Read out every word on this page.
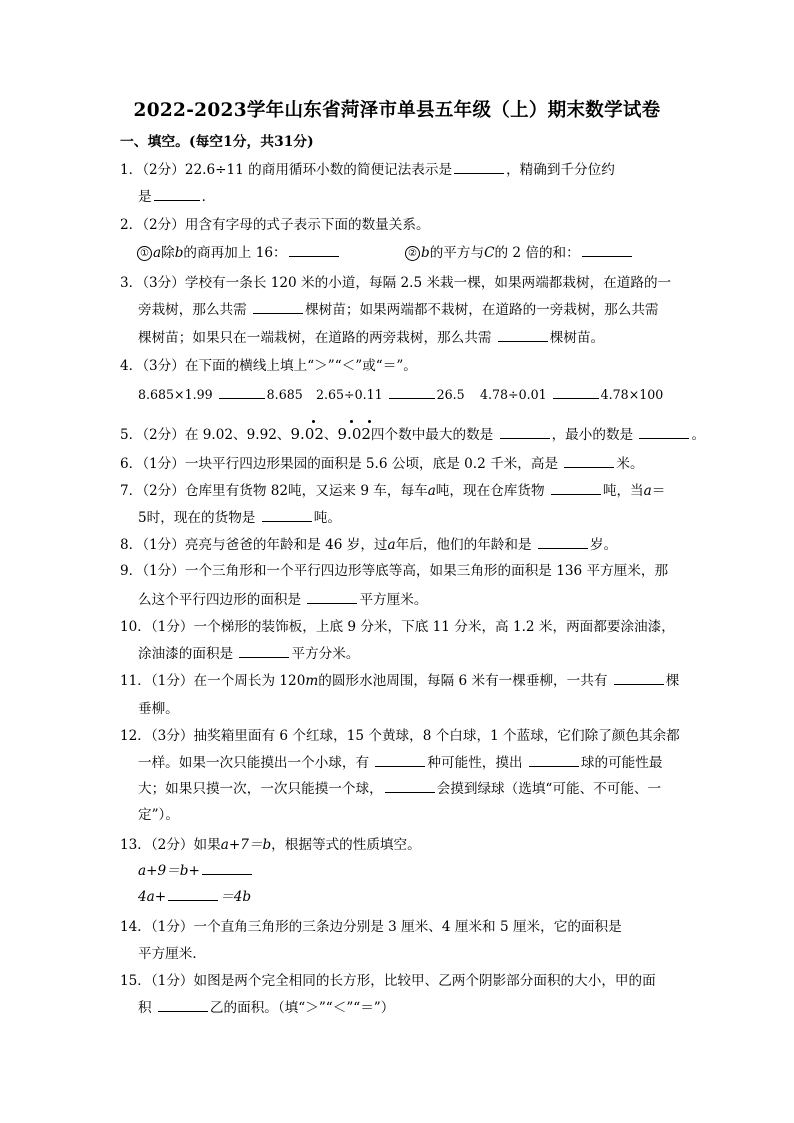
2022-2023学年山东省菏泽市单县五年级（上）期末数学试卷
一、填空。(每空1分，共31分)
1．（2分）22.6÷11 的商用循环小数的简便记法表示是	，精确到千分位约
是	．
2．（2分）用含有字母的式子表示下面的数量关系。
① a除b的商再加上 16：	② b的平方与C的 2 倍的和：
3．（3分）学校有一条长 120 米的小道，每隔 2.5 米栽一棵，如果两端都栽树，在道路的一
旁栽树，那么共需	棵树苗；如果两端都不栽树，在道路的一旁栽树，那么共需
棵树苗；如果只在一端栽树，在道路的两旁栽树，那么共需	棵树苗。
4．（3分）在下面的横线上填上“＞”“＜”或“＝”。
8.685×1.99	8.685 2.65÷0.11	26.5 4.78÷0.01	4.78×100
5．（2分）在 9.02、9.92、
9.02、
9.02四个数中最大的数是	，最小的数是	。
6．（1分）一块平行四边形果园的面积是 5.6 公顷，底是 0.2 千米，高是	米。
7．（2分）仓库里有货物 82吨，又运来 9 车，每车a吨，现在仓库货物	吨，当a＝
5时，现在的货物是	吨。
8．（1分）亮亮与爸爸的年龄和是 46 岁，过a年后，他们的年龄和是	岁。
9．（1分）一个三角形和一个平行四边形等底等高，如果三角形的面积是 136 平方厘米，那
么这个平行四边形的面积是	平方厘米。
10．（1分）一个梯形的装饰板，上底 9 分米，下底 11 分米，高 1.2 米，两面都要涂油漆，
涂油漆的面积是	平方分米。
11．（1分）在一个周长为 120m的圆形水池周围，每隔 6 米有一棵垂柳，一共有	棵
垂柳。
12．（3分）抽奖箱里面有 6 个红球，15 个黄球，8 个白球，1 个蓝球，它们除了颜色其余都
一样。如果一次只能摸出一个小球，有	种可能性，摸出	球的可能性最
大；如果只摸一次，一次只能摸一个球，	会摸到绿球（选填“可能、不可能、一
定”）。
13．（2分）如果a+7＝b，根据等式的性质填空。
a+9＝b+
4a+	＝4b
14．（1分）一个直角三角形的三条边分别是 3 厘米、4 厘米和 5 厘米，它的面积是
平方厘米．
15．（1分）如图是两个完全相同的长方形，比较甲、乙两个阴影部分面积的大小，甲的面
积	乙的面积。（填“＞”“＜”“＝”）
